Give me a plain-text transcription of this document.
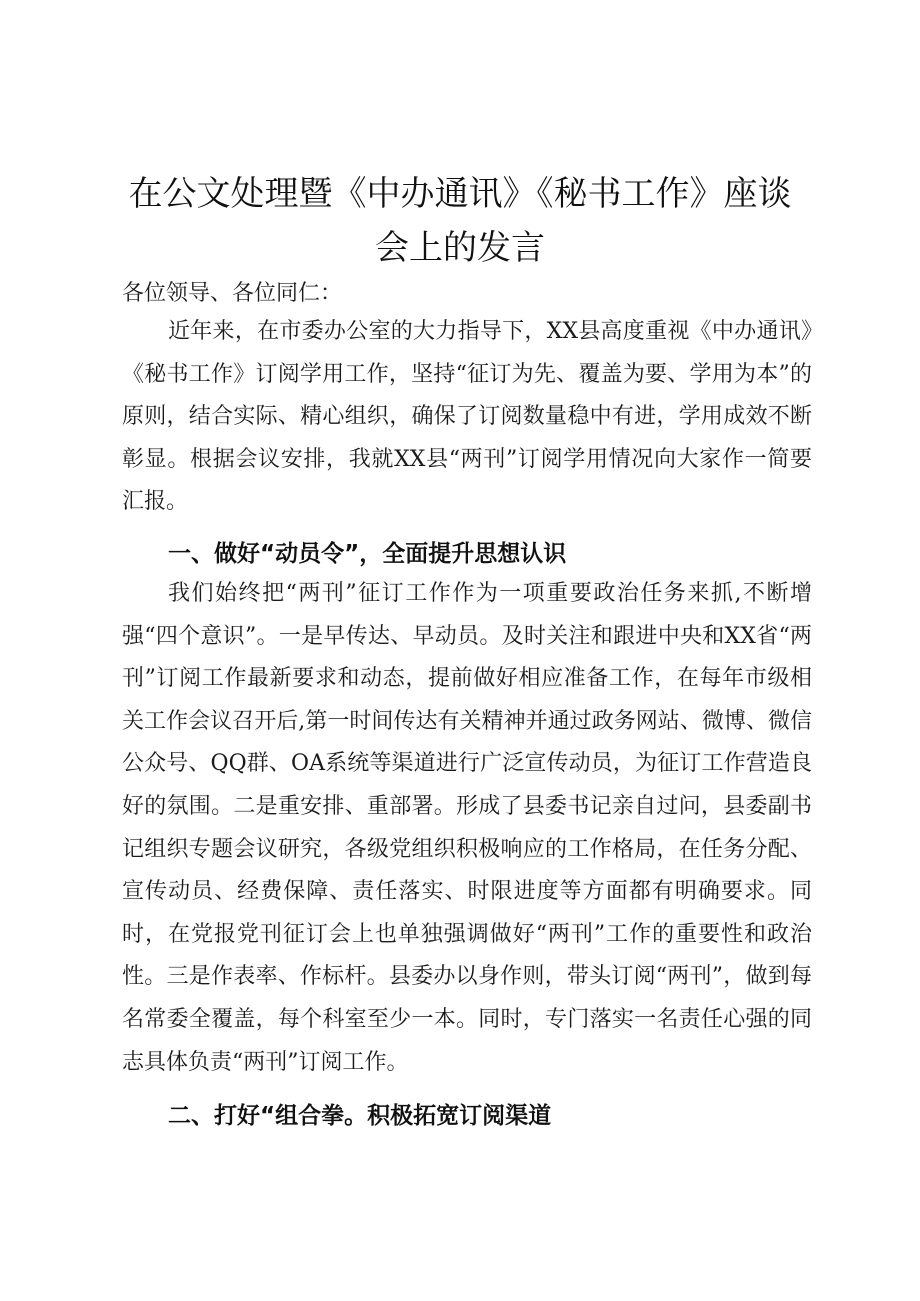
在公文处理暨《中办通讯》《秘书工作》座谈
会上的发言
各位领导、各位同仁：

近年来，在市委办公室的大力指导下，XX县高度重视《中办通讯》《秘书工作》订阅学用工作，坚持“征订为先、覆盖为要、学用为本”的原则，结合实际、精心组织，确保了订阅数量稳中有进，学用成效不断彰显。根据会议安排，我就XX县“两刊”订阅学用情况向大家作一简要汇报。

一、做好“动员令”，全面提升思想认识

我们始终把“两刊”征订工作作为一项重要政治任务来抓,不断增强“四个意识”。一是早传达、早动员。及时关注和跟进中央和XX省“两刊”订阅工作最新要求和动态，提前做好相应准备工作，在每年市级相关工作会议召开后,第一时间传达有关精神并通过政务网站、微博、微信公众号、QQ群、OA系统等渠道进行广泛宣传动员，为征订工作营造良好的氛围。二是重安排、重部署。形成了县委书记亲自过问，县委副书记组织专题会议研究，各级党组织积极响应的工作格局，在任务分配、宣传动员、经费保障、责任落实、时限进度等方面都有明确要求。同时，在党报党刊征订会上也单独强调做好“两刊”工作的重要性和政治性。三是作表率、作标杆。县委办以身作则，带头订阅“两刊”，做到每名常委全覆盖，每个科室至少一本。同时，专门落实一名责任心强的同志具体负责“两刊”订阅工作。

二、打好“组合拳。积极拓宽订阅渠道
